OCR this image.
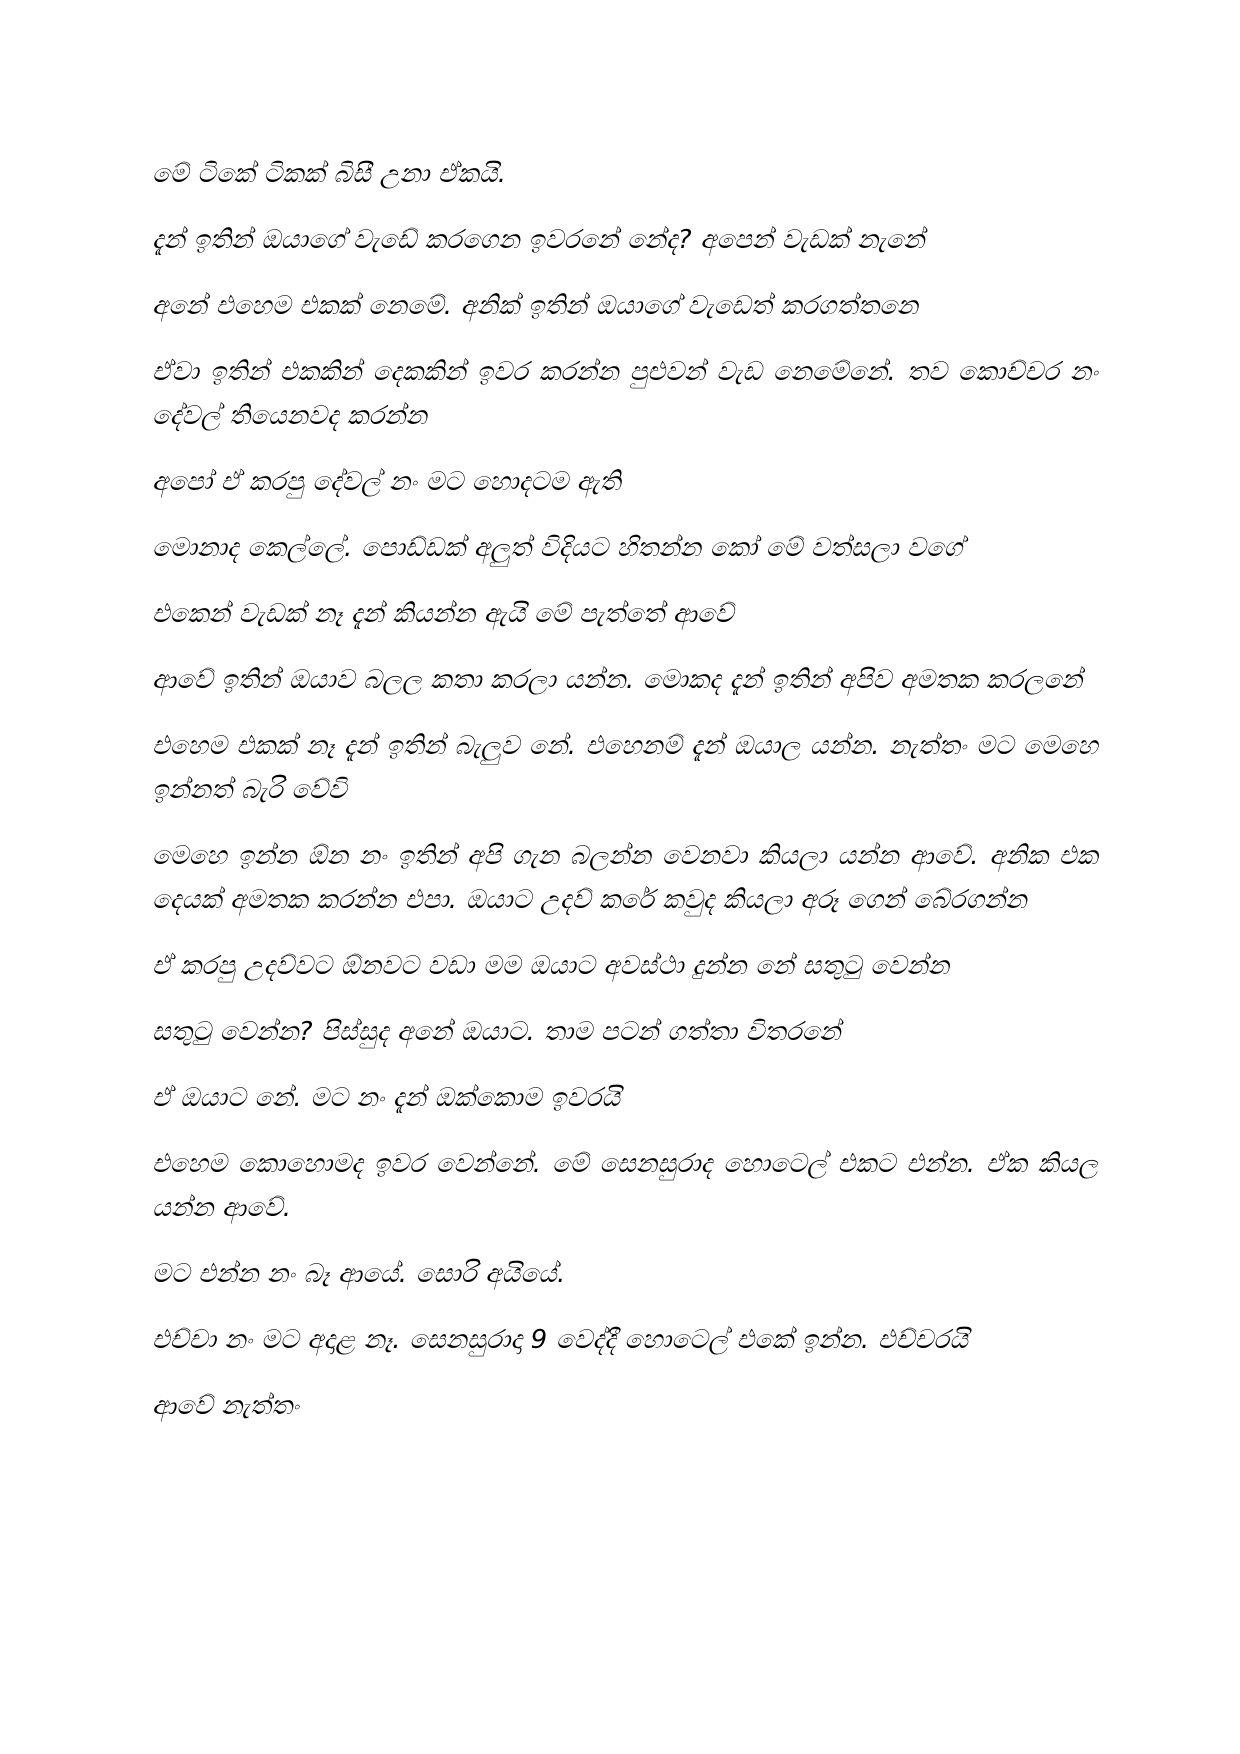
මේ ටිකේ ටිකක් බිසී උනා ඒකයි.

දැන් ඉතින් ඔයාගේ වැඩේ කරගෙන ඉවරනේ නේද? අපෙන් වැඩක් නැනේ

අනේ එහෙම එකක් නෙමේ. අනික් ඉතින් ඔයාගේ වැඩෙත් කරගත්තනෙ

ඒවා ඉතින් එකකින් දෙකකින් ඉවර කරන්න පුළුවන් වැඩ නෙමේනේ. තව කොච්චර නං දේවල් තියෙනවද කරන්න

අපෝ ඒ කරපු දේවල් නං මට හොදටම ඇති

මොනාද කෙල්ලේ. පොඩ්ඩක් අලුත් විදියට හිතන්න කෝ මේ වත්සලා වගේ

එකෙන් වැඩක් නෑ දැන් කියන්න ඇයි මේ පැත්තේ ආවේ

ආවේ ඉතින් ඔයාව බලල කතා කරලා යන්න. මොකද දැන් ඉතින් අපිව අමතක කරලනේ

එහෙම එකක් නෑ දැන් ඉතින් බැලුව නේ. එහෙනම් දැන් ඔයාල යන්න. නැත්තං මට මෙහෙ ඉන්නත් බැරි වේවි

මෙහෙ ඉන්න ඕන නං ඉතින් අපි ගැන බලන්න වෙනවා කියලා යන්න ආවේ. අනික එක දෙයක් අමතක කරන්න එපා. ඔයාට උදව් කරේ කවුද කියලා අරූ ගෙන් බේරගන්න

ඒ කරපු උදව්වට ඕනවට වඩා මම ඔයාට අවස්ථා දුන්න නේ සතුටු වෙන්න

සතුටු වෙන්න? පිස්සුද අනේ ඔයාට. තාම පටන් ගත්තා විතරනේ

ඒ ඔයාට නේ. මට නං දැන් ඔක්කොම ඉවරයි

එහෙම කොහොමද ඉවර වෙන්නේ. මේ සෙනසුරාද හොටෙල් එකට එන්න. ඒක කියල යන්න ආවේ.

මට එන්න නං බෑ ආයේ. සොරි අයියේ.

එච්චා නං මට අදාළ නෑ. සෙනසුරාදා 9 වෙද්දී හොටෙල් එකේ ඉන්න. එච්චරයි

ආවේ නැත්තං
